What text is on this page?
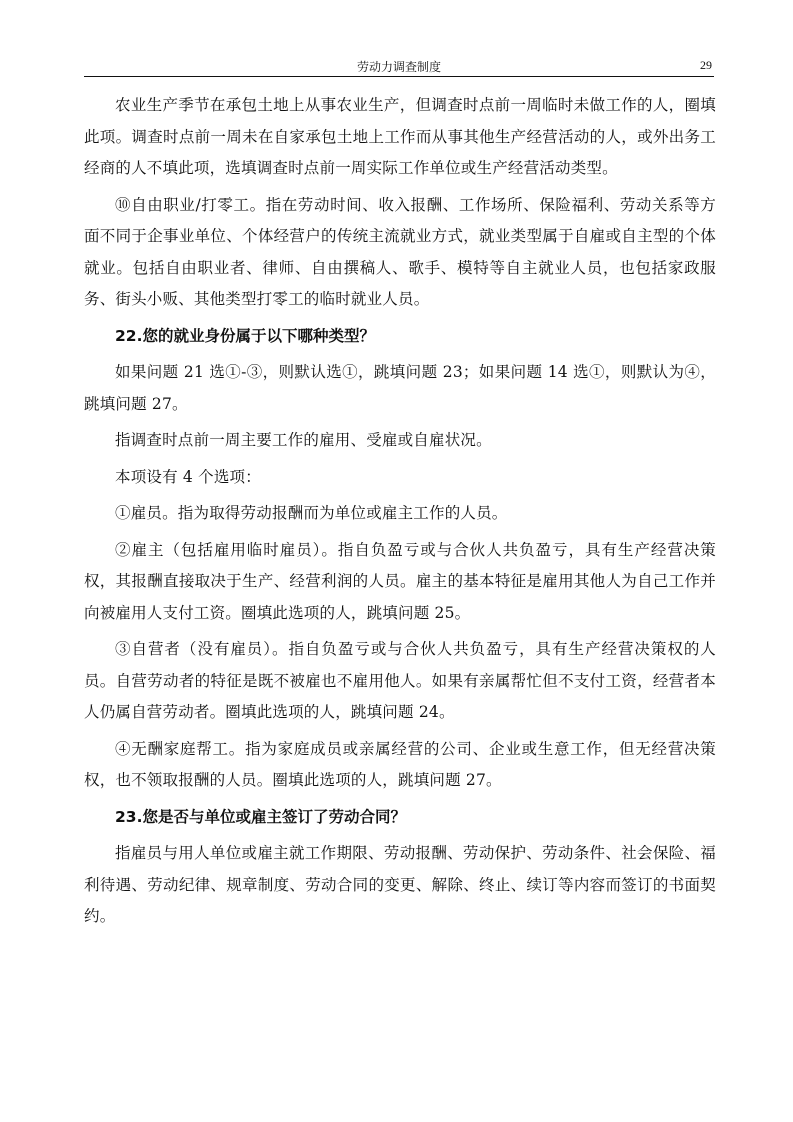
劳动力调查制度	29

农业生产季节在承包土地上从事农业生产，但调查时点前一周临时未做工作的人，圈填此项。调查时点前一周未在自家承包土地上工作而从事其他生产经营活动的人，或外出务工经商的人不填此项，选填调查时点前一周实际工作单位或生产经营活动类型。

⑩自由职业/打零工。指在劳动时间、收入报酬、工作场所、保险福利、劳动关系等方面不同于企事业单位、个体经营户的传统主流就业方式，就业类型属于自雇或自主型的个体就业。包括自由职业者、律师、自由撰稿人、歌手、模特等自主就业人员，也包括家政服务、街头小贩、其他类型打零工的临时就业人员。

22.您的就业身份属于以下哪种类型？

如果问题 21 选①-③，则默认选①，跳填问题 23；如果问题 14 选①，则默认为④，跳填问题 27。

指调查时点前一周主要工作的雇用、受雇或自雇状况。

本项设有 4 个选项：

①雇员。指为取得劳动报酬而为单位或雇主工作的人员。

②雇主（包括雇用临时雇员）。指自负盈亏或与合伙人共负盈亏，具有生产经营决策权，其报酬直接取决于生产、经营利润的人员。雇主的基本特征是雇用其他人为自己工作并向被雇用人支付工资。圈填此选项的人，跳填问题 25。

③自营者（没有雇员）。指自负盈亏或与合伙人共负盈亏，具有生产经营决策权的人员。自营劳动者的特征是既不被雇也不雇用他人。如果有亲属帮忙但不支付工资，经营者本人仍属自营劳动者。圈填此选项的人，跳填问题 24。

④无酬家庭帮工。指为家庭成员或亲属经营的公司、企业或生意工作，但无经营决策权，也不领取报酬的人员。圈填此选项的人，跳填问题 27。

23.您是否与单位或雇主签订了劳动合同？

指雇员与用人单位或雇主就工作期限、劳动报酬、劳动保护、劳动条件、社会保险、福利待遇、劳动纪律、规章制度、劳动合同的变更、解除、终止、续订等内容而签订的书面契约。
